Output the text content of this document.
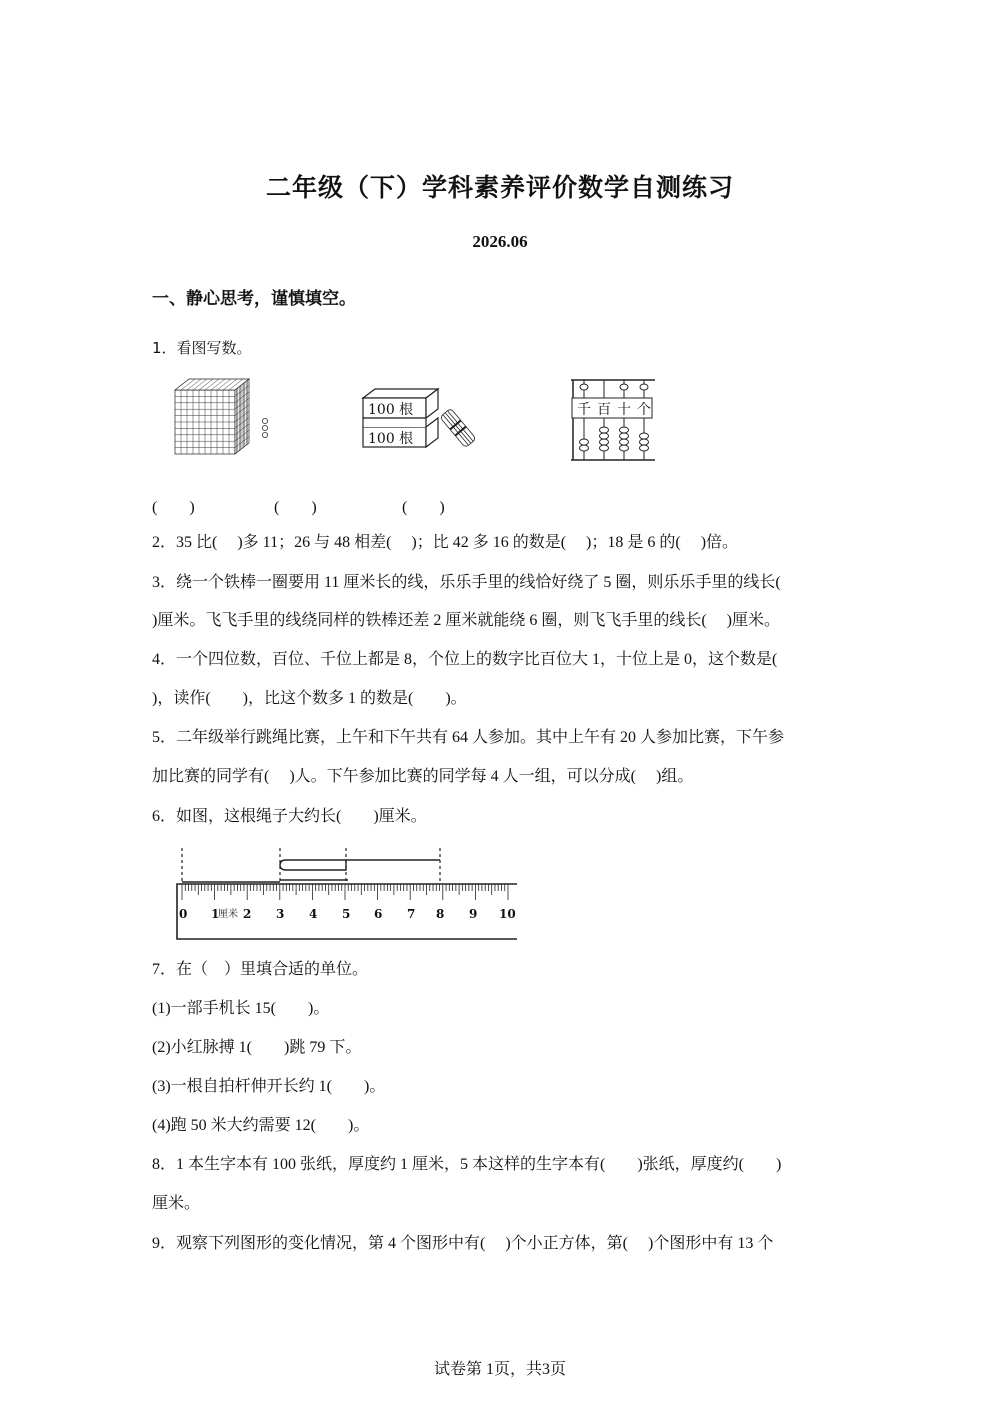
二年级（下）学科素养评价数学自测练习
2026.06
一、静心思考，谨慎填空。
1．看图写数。
100 根
100 根
千 百 十 个
(　　)	(　　)	(　　)
2．35 比(　 )多 11；26 与 48 相差(　 )；比 42 多 16 的数是(　 )；18 是 6 的(　 )倍。
3．绕一个铁棒一圈要用 11 厘米长的线，乐乐手里的线恰好绕了 5 圈，则乐乐手里的线长(
)厘米。飞飞手里的线绕同样的铁棒还差 2 厘米就能绕 6 圈，则飞飞手里的线长(　 )厘米。
4．一个四位数，百位、千位上都是 8，个位上的数字比百位大 1，十位上是 0，这个数是(
)，读作(　　)，比这个数多 1 的数是(　　)。
5．二年级举行跳绳比赛，上午和下午共有 64 人参加。其中上午有 20 人参加比赛，下午参
加比赛的同学有(　 )人。下午参加比赛的同学每 4 人一组，可以分成(　 )组。
6．如图，这根绳子大约长(　　)厘米。
0 1
厘米 2 3 4 5 6 7 8 9 10
7．在（　）里填合适的单位。
(1)一部手机长 15(　　)。
(2)小红脉搏 1(　　)跳 79 下。
(3)一根自拍杆伸开长约 1(　　)。
(4)跑 50 米大约需要 12(　　)。
8．1 本生字本有 100 张纸，厚度约 1 厘米，5 本这样的生字本有(　　)张纸，厚度约(　　)
厘米。
9．观察下列图形的变化情况，第 4 个图形中有(　 )个小正方体，第(　 )个图形中有 13 个
试卷第 1页，共3页
